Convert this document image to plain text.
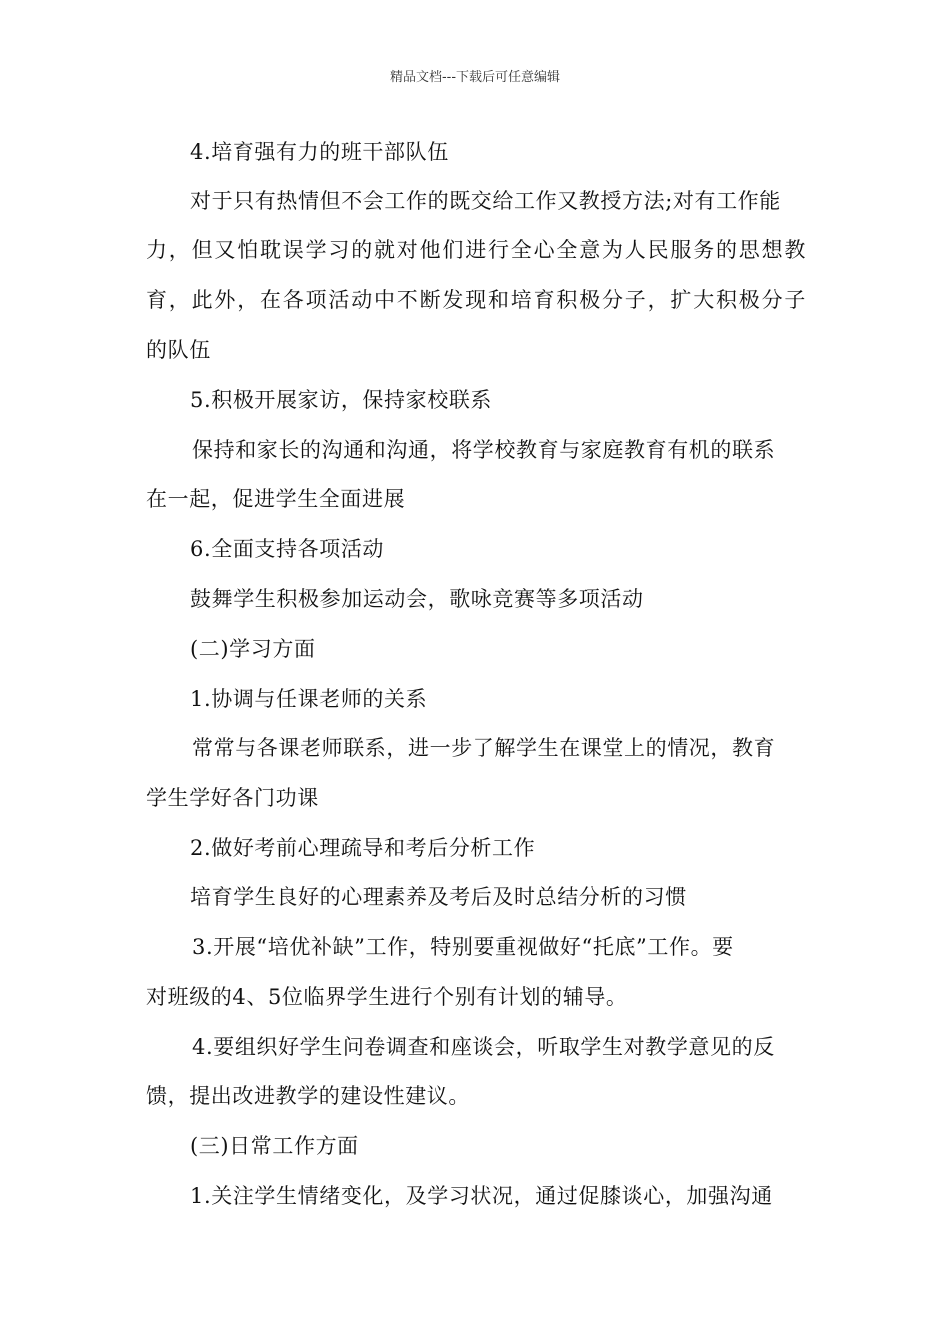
精品文档---下载后可任意编辑
4.培育强有力的班干部队伍
对于只有热情但不会工作的既交给工作又教授方法;对有工作能
力，但又怕耽误学习的就对他们进行全心全意为人民服务的思想教
育，此外，在各项活动中不断发现和培育积极分子，扩大积极分子
的队伍
5.积极开展家访，保持家校联系
保持和家长的沟通和沟通，将学校教育与家庭教育有机的联系
在一起，促进学生全面进展
6.全面支持各项活动
鼓舞学生积极参加运动会，歌咏竞赛等多项活动
(二)学习方面
1.协调与任课老师的关系
常常与各课老师联系，进一步了解学生在课堂上的情况，教育
学生学好各门功课
2.做好考前心理疏导和考后分析工作
培育学生良好的心理素养及考后及时总结分析的习惯
3.开展“培优补缺”工作，特别要重视做好“托底”工作。要
对班级的4、5位临界学生进行个别有计划的辅导。
4.要组织好学生问卷调查和座谈会，听取学生对教学意见的反
馈，提出改进教学的建设性建议。
(三)日常工作方面
1.关注学生情绪变化，及学习状况，通过促膝谈心，加强沟通
